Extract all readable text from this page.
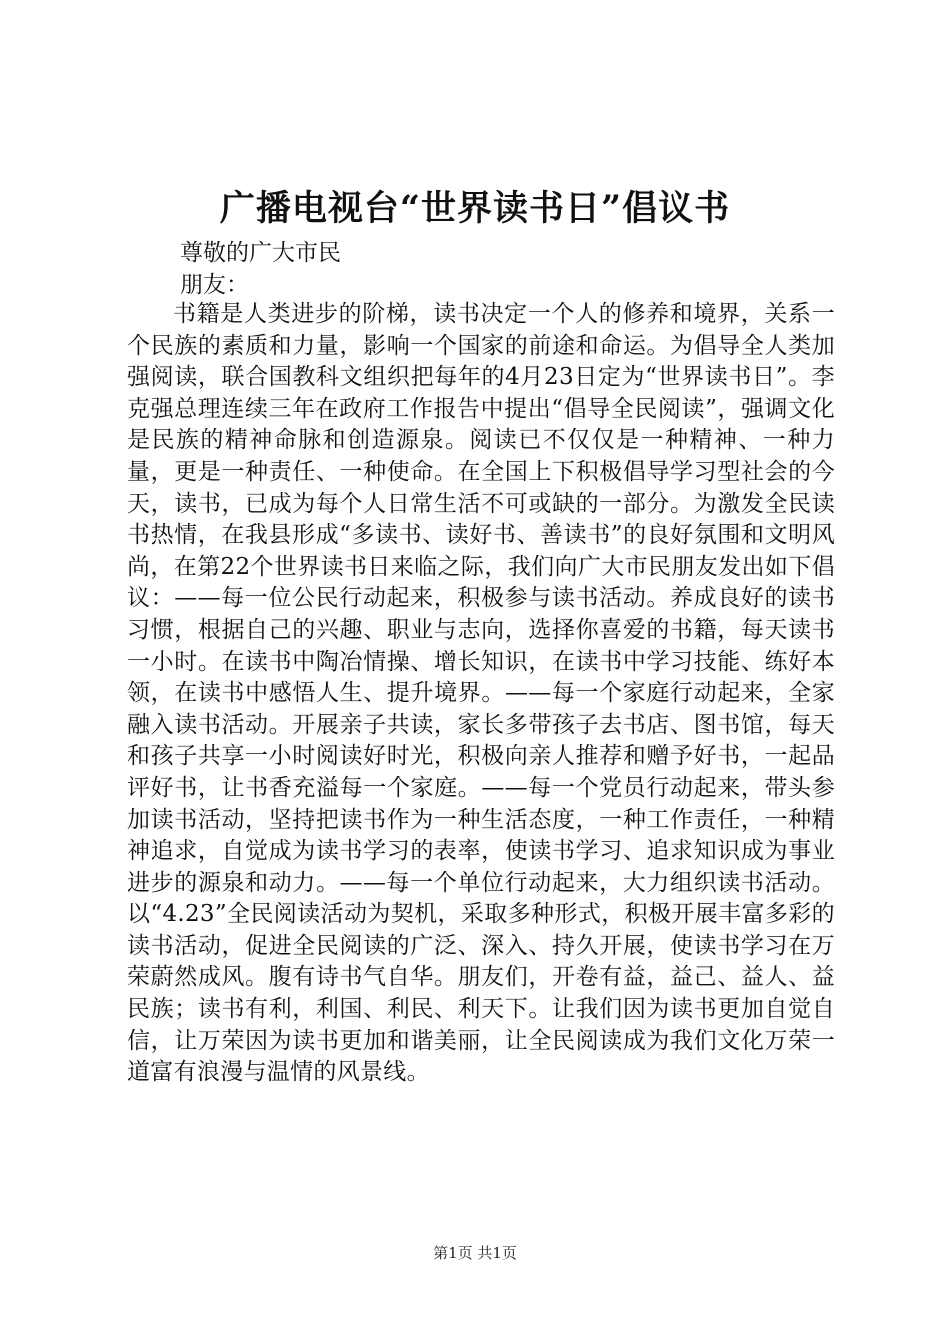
广播电视台“世界读书日”倡议书
尊敬的广大市民
朋友：

书籍是人类进步的阶梯，读书决定一个人的修养和境界，关系一个民族的素质和力量，影响一个国家的前途和命运。为倡导全人类加强阅读，联合国教科文组织把每年的4月23日定为“世界读书日”。李克强总理连续三年在政府工作报告中提出“倡导全民阅读”，强调文化是民族的精神命脉和创造源泉。阅读已不仅仅是一种精神、一种力量，更是一种责任、一种使命。在全国上下积极倡导学习型社会的今天，读书，已成为每个人日常生活不可或缺的一部分。为激发全民读书热情，在我县形成“多读书、读好书、善读书”的良好氛围和文明风尚，在第22个世界读书日来临之际，我们向广大市民朋友发出如下倡议：——每一位公民行动起来，积极参与读书活动。养成良好的读书习惯，根据自己的兴趣、职业与志向，选择你喜爱的书籍，每天读书一小时。在读书中陶冶情操、增长知识，在读书中学习技能、练好本领，在读书中感悟人生、提升境界。——每一个家庭行动起来，全家融入读书活动。开展亲子共读，家长多带孩子去书店、图书馆，每天和孩子共享一小时阅读好时光，积极向亲人推荐和赠予好书，一起品评好书，让书香充溢每一个家庭。——每一个党员行动起来，带头参加读书活动，坚持把读书作为一种生活态度，一种工作责任，一种精神追求，自觉成为读书学习的表率，使读书学习、追求知识成为事业进步的源泉和动力。——每一个单位行动起来，大力组织读书活动。以“4.23”全民阅读活动为契机，采取多种形式，积极开展丰富多彩的读书活动，促进全民阅读的广泛、深入、持久开展，使读书学习在万荣蔚然成风。腹有诗书气自华。朋友们，开卷有益，益己、益人、益民族；读书有利，利国、利民、利天下。让我们因为读书更加自觉自信，让万荣因为读书更加和谐美丽，让全民阅读成为我们文化万荣一道富有浪漫与温情的风景线。

第1页 共1页
